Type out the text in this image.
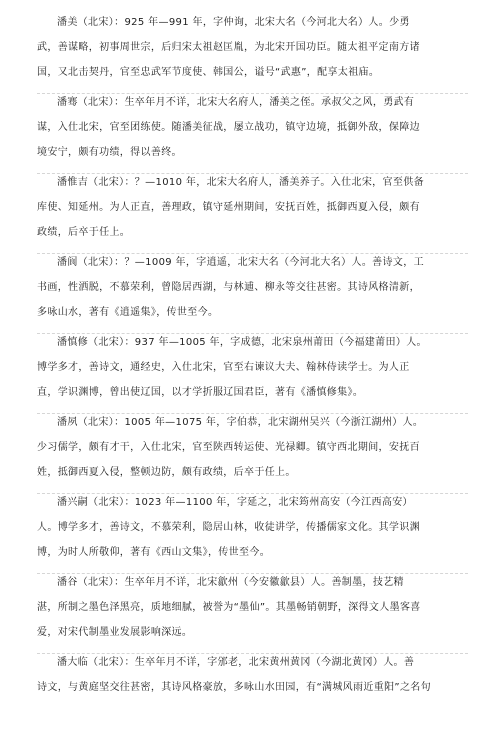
潘美（北宋）：925 年—991 年，字仲询，北宋大名（今河北大名）人。少勇
武，善谋略，初事周世宗，后归宋太祖赵匡胤，为北宋开国功臣。随太祖平定南方诸
国，又北击契丹，官至忠武军节度使、韩国公，谥号“武惠”，配享太祖庙。
潘骞（北宋）：生卒年月不详，北宋大名府人，潘美之侄。承叔父之风，勇武有
谋，入仕北宋，官至团练使。随潘美征战，屡立战功，镇守边境，抵御外敌，保障边
境安宁，颇有功绩，得以善终。
潘惟吉（北宋）：？—1010 年，北宋大名府人，潘美养子。入仕北宋，官至供备
库使、知延州。为人正直，善理政，镇守延州期间，安抚百姓，抵御西夏入侵，颇有
政绩，后卒于任上。
潘阆（北宋）：？—1009 年，字逍遥，北宋大名（今河北大名）人。善诗文，工
书画，性洒脱，不慕荣利，曾隐居西湖，与林逋、柳永等交往甚密。其诗风格清新，
多咏山水，著有《逍遥集》，传世至今。
潘慎修（北宋）：937 年—1005 年，字成德，北宋泉州莆田（今福建莆田）人。
博学多才，善诗文，通经史，入仕北宋，官至右谏议大夫、翰林侍读学士。为人正
直，学识渊博，曾出使辽国，以才学折服辽国君臣，著有《潘慎修集》。
潘夙（北宋）：1005 年—1075 年，字伯恭，北宋湖州吴兴（今浙江湖州）人。
少习儒学，颇有才干，入仕北宋，官至陕西转运使、光禄卿。镇守西北期间，安抚百
姓，抵御西夏入侵，整顿边防，颇有政绩，后卒于任上。
潘兴嗣（北宋）：1023 年—1100 年，字延之，北宋筠州高安（今江西高安）
人。博学多才，善诗文，不慕荣利，隐居山林，收徒讲学，传播儒家文化。其学识渊
博，为时人所敬仰，著有《西山文集》，传世至今。
潘谷（北宋）：生卒年月不详，北宋歙州（今安徽歙县）人。善制墨，技艺精
湛，所制之墨色泽黑亮，质地细腻，被誉为“墨仙”。其墨畅销朝野，深得文人墨客喜
爱，对宋代制墨业发展影响深远。
潘大临（北宋）：生卒年月不详，字邠老，北宋黄州黄冈（今湖北黄冈）人。善
诗文，与黄庭坚交往甚密，其诗风格豪放，多咏山水田园，有“满城风雨近重阳”之名句
